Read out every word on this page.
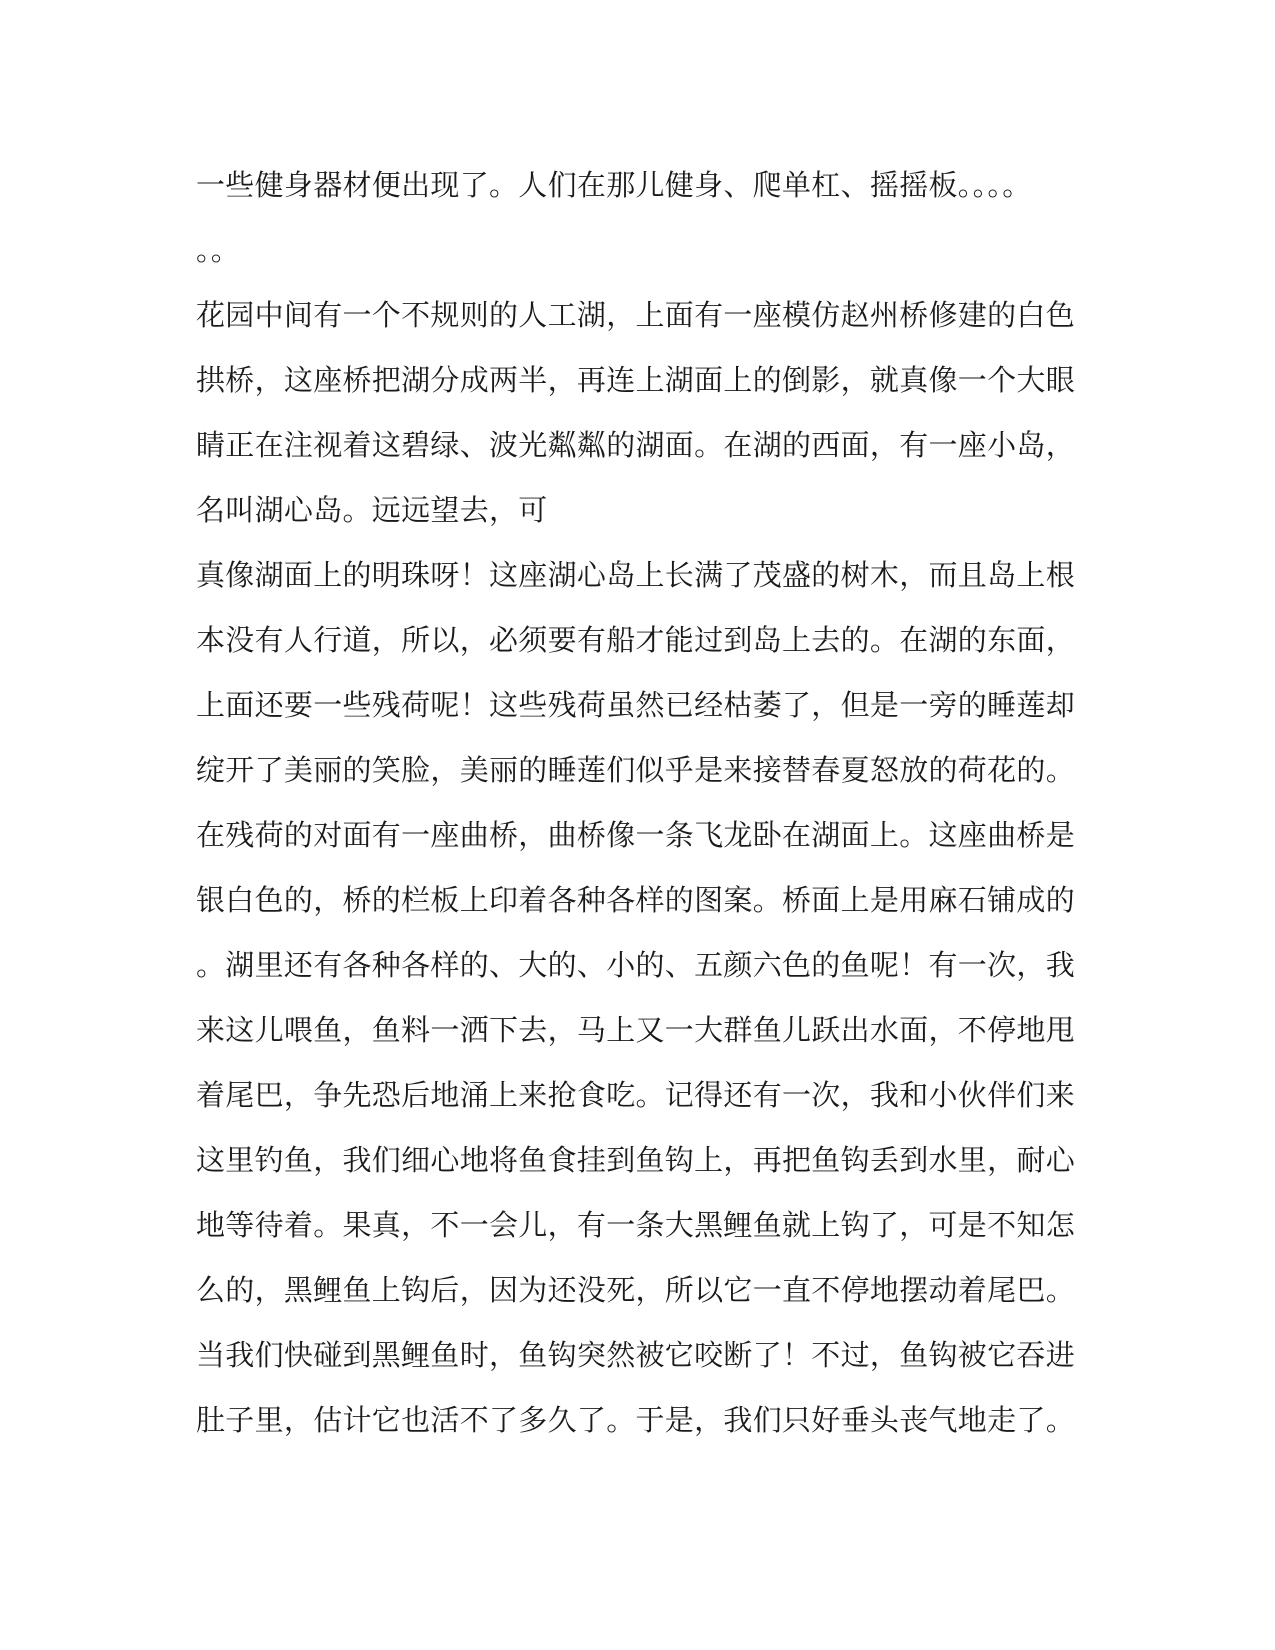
一些健身器材便出现了。人们在那儿健身、爬单杠、摇摇板。。。。
。。
花园中间有一个不规则的人工湖，上面有一座模仿赵州桥修建的白色
拱桥，这座桥把湖分成两半，再连上湖面上的倒影，就真像一个大眼
睛正在注视着这碧绿、波光粼粼的湖面。在湖的西面，有一座小岛，
名叫湖心岛。远远望去，可
真像湖面上的明珠呀！这座湖心岛上长满了茂盛的树木，而且岛上根
本没有人行道，所以，必须要有船才能过到岛上去的。在湖的东面，
上面还要一些残荷呢！这些残荷虽然已经枯萎了，但是一旁的睡莲却
绽开了美丽的笑脸，美丽的睡莲们似乎是来接替春夏怒放的荷花的。
在残荷的对面有一座曲桥，曲桥像一条飞龙卧在湖面上。这座曲桥是
银白色的，桥的栏板上印着各种各样的图案。桥面上是用麻石铺成的
。湖里还有各种各样的、大的、小的、五颜六色的鱼呢！有一次，我
来这儿喂鱼，鱼料一洒下去，马上又一大群鱼儿跃出水面，不停地甩
着尾巴，争先恐后地涌上来抢食吃。记得还有一次，我和小伙伴们来
这里钓鱼，我们细心地将鱼食挂到鱼钩上，再把鱼钩丢到水里，耐心
地等待着。果真，不一会儿，有一条大黑鲤鱼就上钩了，可是不知怎
么的，黑鲤鱼上钩后，因为还没死，所以它一直不停地摆动着尾巴。
当我们快碰到黑鲤鱼时，鱼钩突然被它咬断了！不过，鱼钩被它吞进
肚子里，估计它也活不了多久了。于是，我们只好垂头丧气地走了。
